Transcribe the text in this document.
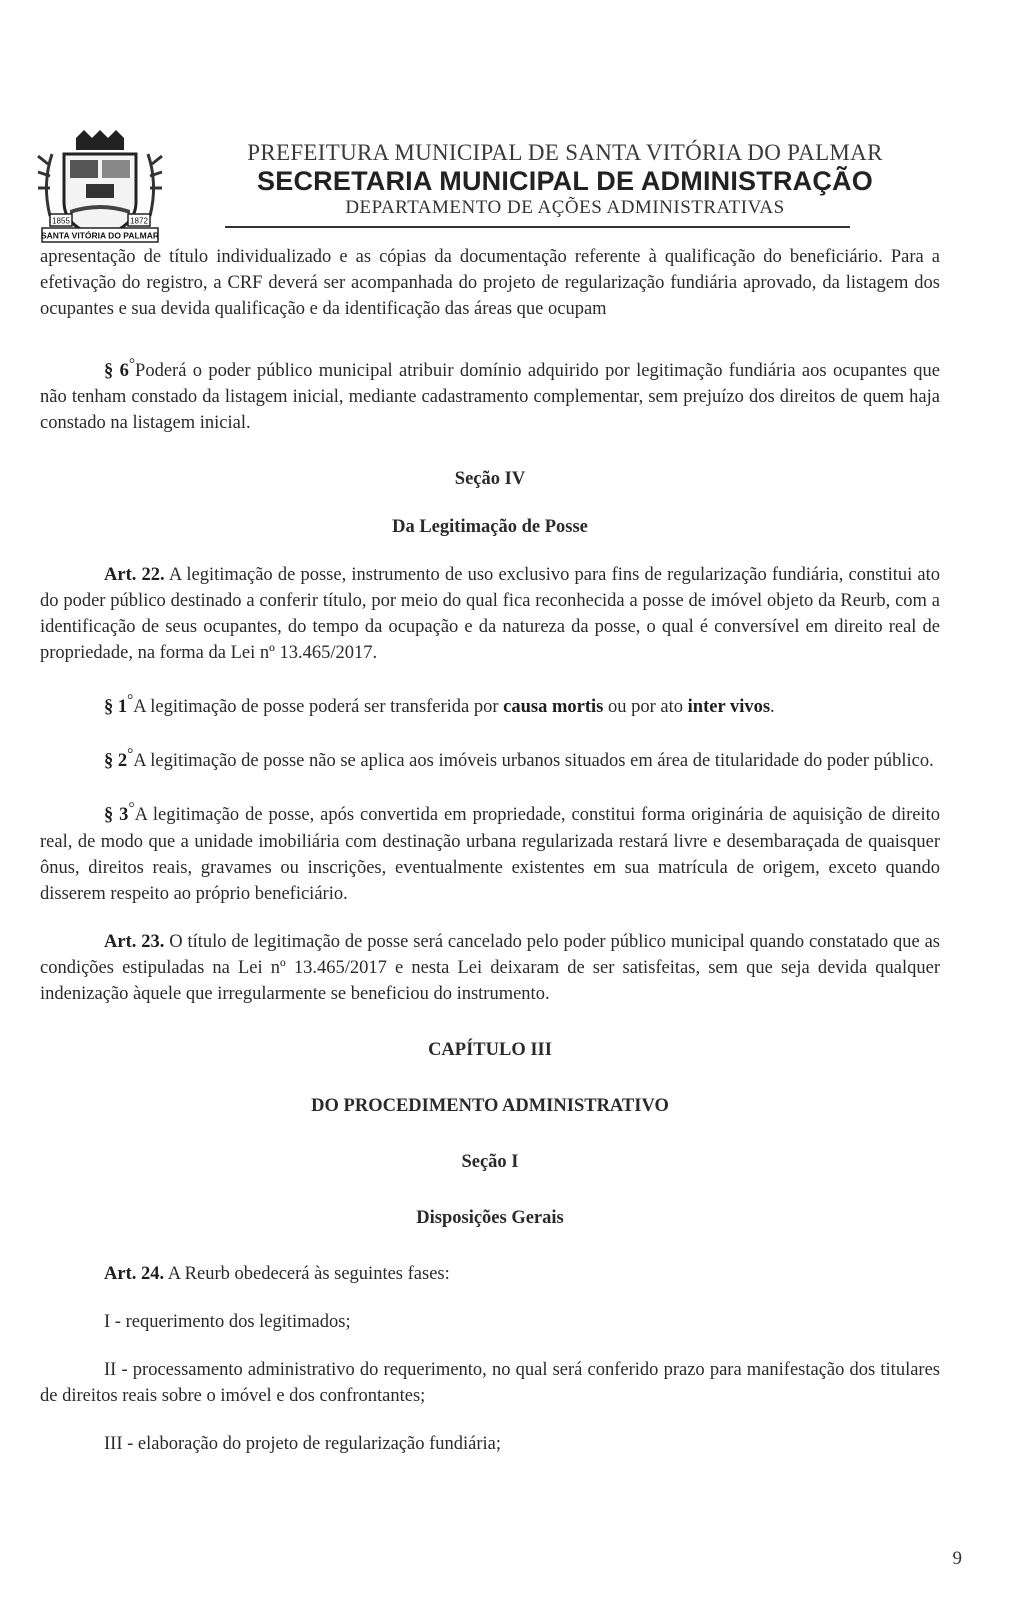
1855	1872
SANTA VITÓRIA DO PALMAR
PREFEITURA MUNICIPAL DE SANTA VITÓRIA DO PALMAR
SECRETARIA MUNICIPAL DE ADMINISTRAÇÃO
DEPARTAMENTO DE AÇÕES ADMINISTRATIVAS

apresentação de título individualizado e as cópias da documentação referente à qualificação do beneficiário. Para a efetivação do registro, a CRF deverá ser acompanhada do projeto de regularização fundiária aprovado, da listagem dos ocupantes e sua devida qualificação e da identificação das áreas que ocupam

§ 6°Poderá o poder público municipal atribuir domínio adquirido por legitimação fundiária aos ocupantes que não tenham constado da listagem inicial, mediante cadastramento complementar, sem prejuízo dos direitos de quem haja constado na listagem inicial.

Seção IV

Da Legitimação de Posse

Art. 22. A legitimação de posse, instrumento de uso exclusivo para fins de regularização fundiária, constitui ato do poder público destinado a conferir título, por meio do qual fica reconhecida a posse de imóvel objeto da Reurb, com a identificação de seus ocupantes, do tempo da ocupação e da natureza da posse, o qual é conversível em direito real de propriedade, na forma da Lei nº 13.465/2017.

§ 1°A legitimação de posse poderá ser transferida por causa mortis ou por ato inter vivos.

§ 2°A legitimação de posse não se aplica aos imóveis urbanos situados em área de titularidade do poder público.

§ 3°A legitimação de posse, após convertida em propriedade, constitui forma originária de aquisição de direito real, de modo que a unidade imobiliária com destinação urbana regularizada restará livre e desembaraçada de quaisquer ônus, direitos reais, gravames ou inscrições, eventualmente existentes em sua matrícula de origem, exceto quando disserem respeito ao próprio beneficiário.

Art. 23. O título de legitimação de posse será cancelado pelo poder público municipal quando constatado que as condições estipuladas na Lei nº 13.465/2017 e nesta Lei deixaram de ser satisfeitas, sem que seja devida qualquer indenização àquele que irregularmente se beneficiou do instrumento.

CAPÍTULO III

DO PROCEDIMENTO ADMINISTRATIVO

Seção I

Disposições Gerais

Art. 24. A Reurb obedecerá às seguintes fases:

I - requerimento dos legitimados;

II - processamento administrativo do requerimento, no qual será conferido prazo para manifestação dos titulares de direitos reais sobre o imóvel e dos confrontantes;

III - elaboração do projeto de regularização fundiária;

9
